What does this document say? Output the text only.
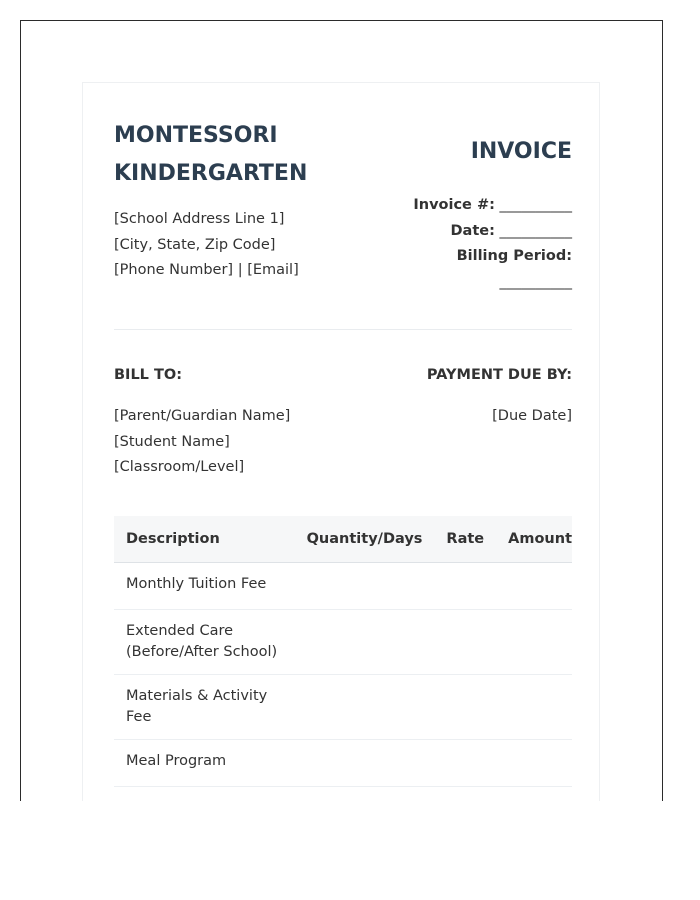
MONTESSORI
KINDERGARTEN
[School Address Line 1]
[City, State, Zip Code]
[Phone Number] | [Email]
INVOICE
Invoice #: __________
Date: __________
Billing Period:
__________
BILL TO:	PAYMENT DUE BY:
[Parent/Guardian Name]
[Student Name]
[Classroom/Level]
[Due Date]
Description	Quantity/Days	Rate	Amount
Monthly Tuition Fee			
Extended Care (Before/After School)			
Materials & Activity Fee			
Meal Program			
